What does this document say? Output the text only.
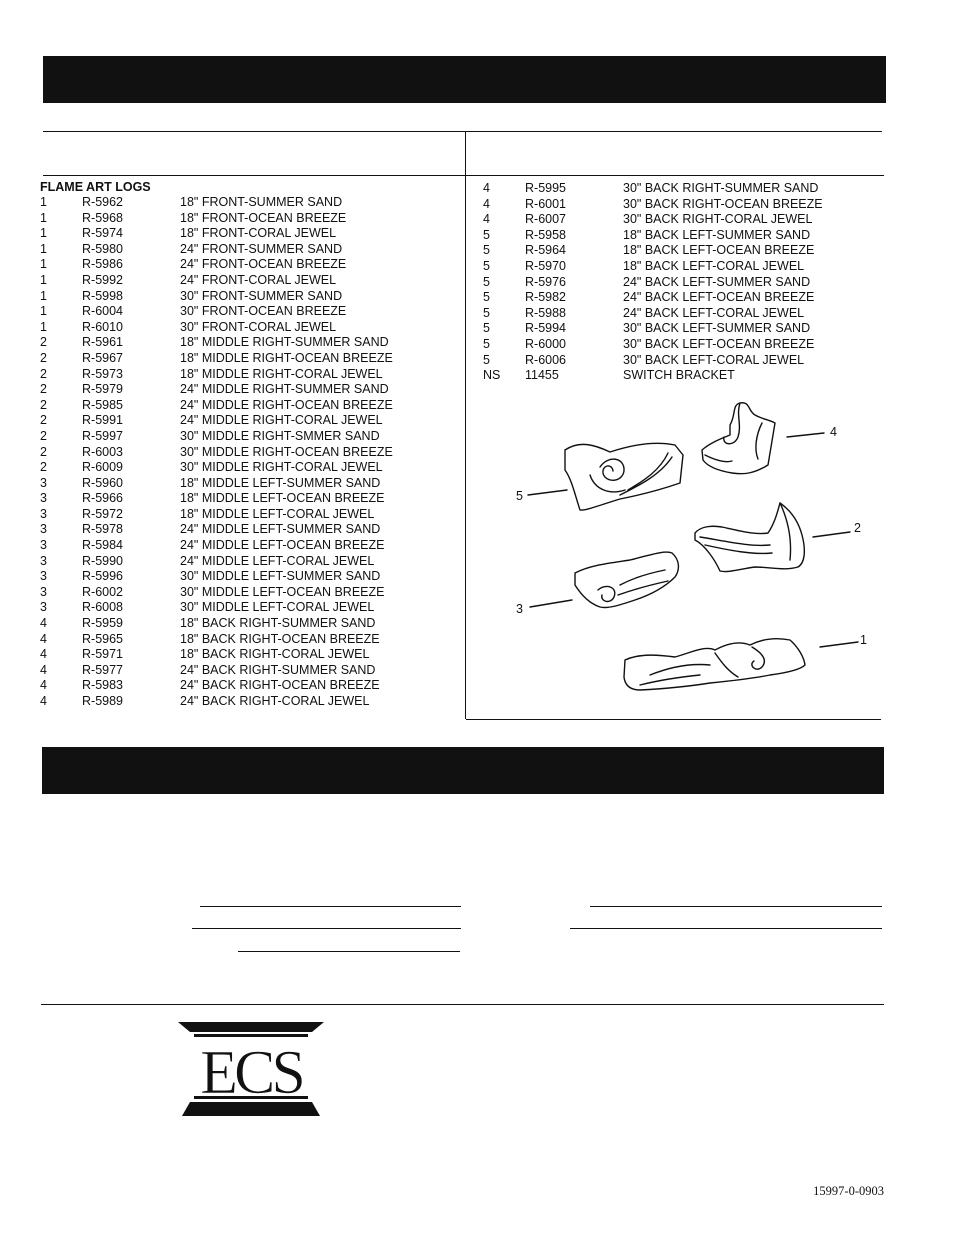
FLAME ART LOGS
1	R-5962	18" FRONT-SUMMER SAND
1	R-5968	18" FRONT-OCEAN BREEZE
1	R-5974	18" FRONT-CORAL JEWEL
1	R-5980	24" FRONT-SUMMER SAND
1	R-5986	24" FRONT-OCEAN BREEZE
1	R-5992	24" FRONT-CORAL JEWEL
1	R-5998	30" FRONT-SUMMER SAND
1	R-6004	30" FRONT-OCEAN BREEZE
1	R-6010	30" FRONT-CORAL JEWEL
2	R-5961	18" MIDDLE RIGHT-SUMMER SAND
2	R-5967	18" MIDDLE RIGHT-OCEAN BREEZE
2	R-5973	18" MIDDLE RIGHT-CORAL JEWEL
2	R-5979	24" MIDDLE RIGHT-SUMMER SAND
2	R-5985	24" MIDDLE RIGHT-OCEAN BREEZE
2	R-5991	24" MIDDLE RIGHT-CORAL JEWEL
2	R-5997	30" MIDDLE RIGHT-SMMER SAND
2	R-6003	30" MIDDLE RIGHT-OCEAN BREEZE
2	R-6009	30" MIDDLE RIGHT-CORAL JEWEL
3	R-5960	18" MIDDLE LEFT-SUMMER SAND
3	R-5966	18" MIDDLE LEFT-OCEAN BREEZE
3	R-5972	18" MIDDLE LEFT-CORAL JEWEL
3	R-5978	24" MIDDLE LEFT-SUMMER SAND
3	R-5984	24" MIDDLE LEFT-OCEAN BREEZE
3	R-5990	24" MIDDLE LEFT-CORAL JEWEL
3	R-5996	30" MIDDLE LEFT-SUMMER SAND
3	R-6002	30" MIDDLE LEFT-OCEAN BREEZE
3	R-6008	30" MIDDLE LEFT-CORAL JEWEL
4	R-5959	18" BACK RIGHT-SUMMER SAND
4	R-5965	18" BACK RIGHT-OCEAN BREEZE
4	R-5971	18" BACK RIGHT-CORAL JEWEL
4	R-5977	24" BACK RIGHT-SUMMER SAND
4	R-5983	24" BACK RIGHT-OCEAN BREEZE
4	R-5989	24" BACK RIGHT-CORAL JEWEL
4	R-5995	30" BACK RIGHT-SUMMER SAND
4	R-6001	30" BACK RIGHT-OCEAN BREEZE
4	R-6007	30" BACK RIGHT-CORAL JEWEL
5	R-5958	18" BACK LEFT-SUMMER SAND
5	R-5964	18" BACK LEFT-OCEAN BREEZE
5	R-5970	18" BACK LEFT-CORAL JEWEL
5	R-5976	24" BACK LEFT-SUMMER SAND
5	R-5982	24" BACK LEFT-OCEAN BREEZE
5	R-5988	24" BACK LEFT-CORAL JEWEL
5	R-5994	30" BACK LEFT-SUMMER SAND
5	R-6000	30" BACK LEFT-OCEAN BREEZE
5	R-6006	30" BACK LEFT-CORAL JEWEL
NS 11455	SWITCH BRACKET
4
5
2
3
1
ECS
15997-0-0903
